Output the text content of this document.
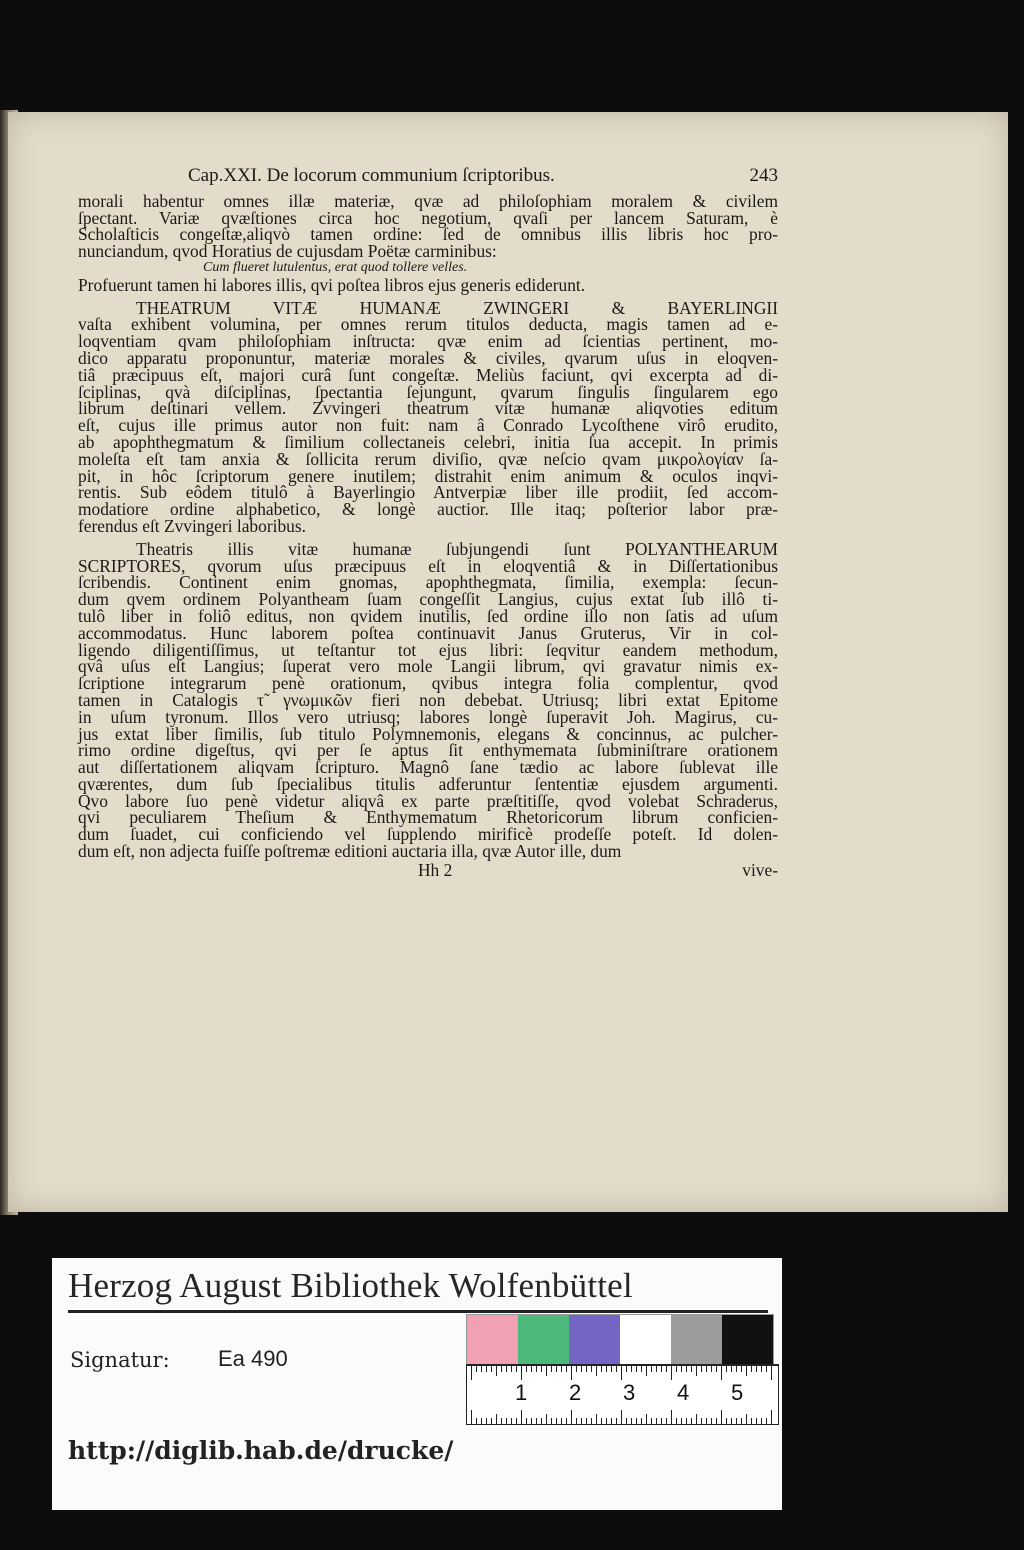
Cap.XXI. De locorum communium ſcriptoribus.	243
morali habentur omnes illæ materiæ, qvæ ad philoſophiam moralem & civilem
ſpectant. Variæ qvæſtiones circa hoc negotium, qvaſi per lancem Saturam, è
Scholaſticis congeſtæ,aliqvò tamen ordine: ſed de omnibus illis libris hoc pro-
nunciandum, qvod Horatius de cujusdam Poëtæ carminibus:
Cum flueret lutulentus, erat quod tollere velles.
Profuerunt tamen hi labores illis, qvi poſtea libros ejus generis ediderunt.
THEATRUM VITÆ HUMANÆ ZWINGERI & BAYERLINGII
vaſta exhibent volumina, per omnes rerum titulos deducta, magis tamen ad e-
loqventiam qvam philoſophiam inſtructa: qvæ enim ad ſcientias pertinent, mo-
dico apparatu proponuntur, materiæ morales & civiles, qvarum uſus in eloqven-
tiâ præcipuus eſt, majori curâ ſunt congeſtæ. Meliùs faciunt, qvi excerpta ad di-
ſciplinas, qvà diſciplinas, ſpectantia ſejungunt, qvarum ſingulis ſingularem ego
librum deſtinari vellem. Zvvingeri theatrum vitæ humanæ aliqvoties editum
eſt, cujus ille primus autor non fuit: nam â Conrado Lycoſthene virô erudito,
ab apophthegmatum & ſimilium collectaneis celebri, initia ſua accepit. In primis
moleſta eſt tam anxia & ſollicita rerum diviſio, qvæ neſcio qvam μικρολογίαν ſa-
pit, in hôc ſcriptorum genere inutilem; distrahit enim animum & oculos inqvi-
rentis. Sub eôdem titulô à Bayerlingio Antverpiæ liber ille prodiit, ſed accom-
modatiore ordine alphabetico, & longè auctior. Ille itaq; poſterior labor præ-
ferendus eſt Zvvingeri laboribus.
Theatris illis vitæ humanæ ſubjungendi ſunt POLYANTHEARUM
SCRIPTORES, qvorum uſus præcipuus eſt in eloqventiâ & in Diſſertationibus
ſcribendis. Continent enim gnomas, apophthegmata, ſimilia, exempla: ſecun-
dum qvem ordinem Polyantheam ſuam congeſſit Langius, cujus extat ſub illô ti-
tulô liber in foliô editus, non qvidem inutilis, ſed ordine illo non ſatis ad uſum
accommodatus. Hunc laborem poſtea continuavit Janus Gruterus, Vir in col-
ligendo diligentiſſimus, ut teſtantur tot ejus libri: ſeqvitur eandem methodum,
qvâ uſus eſt Langius; ſuperat vero mole Langii librum, qvi gravatur nimis ex-
ſcriptione integrarum penè orationum, qvibus integra folia complentur, qvod
tamen in Catalogis τ̃ γνωμικῶν fieri non debebat. Utriusq; libri extat Epitome
in uſum tyronum. Illos vero utriusq; labores longè ſuperavit Joh. Magirus, cu-
jus extat liber ſimilis, ſub titulo Polymnemonis, elegans & concinnus, ac pulcher-
rimo ordine digeſtus, qvi per ſe aptus ſit enthymemata ſubminiſtrare orationem
aut diſſertationem aliqvam ſcripturo. Magnô ſane tædio ac labore ſublevat ille
qværentes, dum ſub ſpecialibus titulis adferuntur ſententiæ ejusdem argumenti.
Qvo labore ſuo penè videtur aliqvâ ex parte præſtitiſſe, qvod volebat Schraderus,
qvi peculiarem Theſium & Enthymematum Rhetoricorum librum conficien-
dum ſuadet, cui conficiendo vel ſupplendo mirificè prodeſſe poteſt. Id dolen-
dum eſt, non adjecta fuiſſe poſtremæ editioni auctaria illa, qvæ Autor ille, dum
Hh 2	vive-
Herzog August Bibliothek Wolfenbüttel
Signatur: Ea 490
1 2 3 4 5
http://diglib.hab.de/drucke/
